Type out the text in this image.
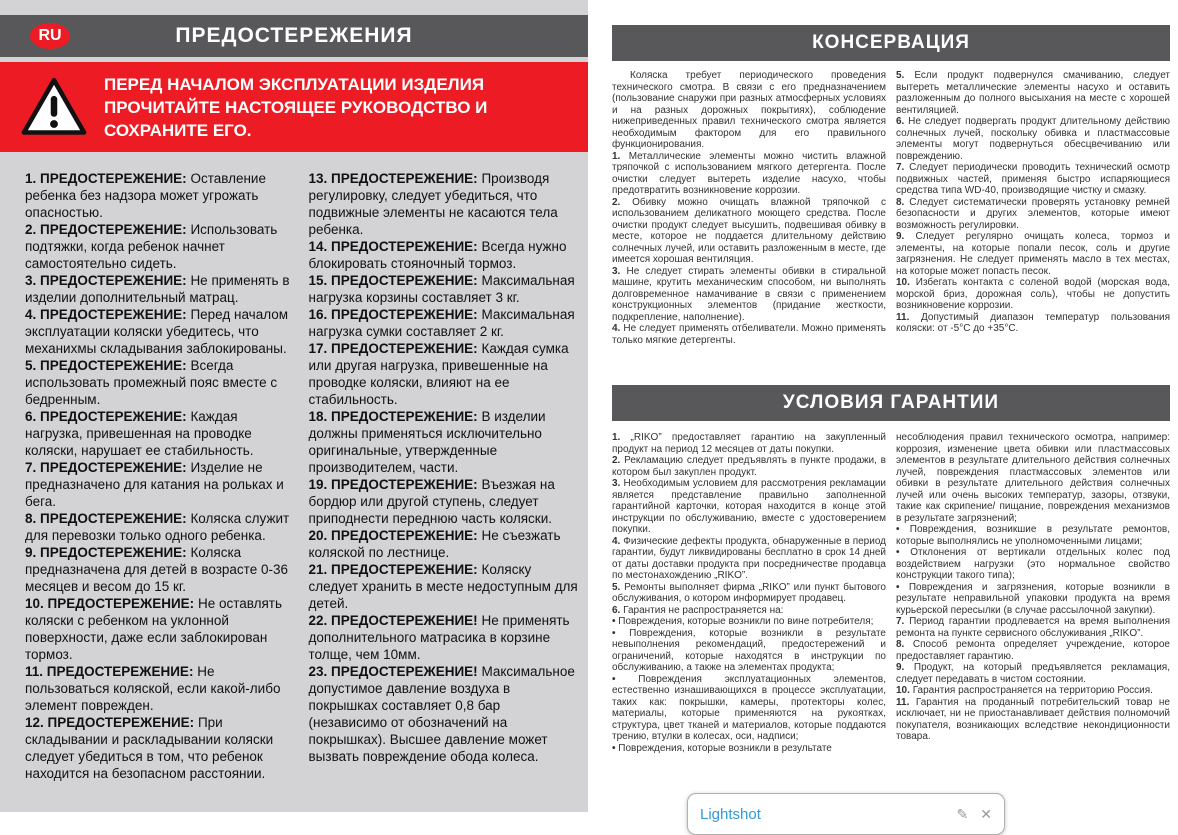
RU	ПРЕДОСТЕРЕЖЕНИЯ
ПЕРЕД НАЧАЛОМ ЭКСПЛУАТАЦИИ ИЗДЕЛИЯ
ПРОЧИТАЙТЕ НАСТОЯЩЕЕ РУКОВОДСТВО И
СОХРАНИТЕ ЕГО.

1. ПРЕДОСТЕРЕЖЕНИЕ: Оставление ребенка без надзора может угрожать опасностью.

2. ПРЕДОСТЕРЕЖЕНИЕ: Использовать подтяжки, когда ребенок начнет самостоятельно сидеть.

3. ПРЕДОСТЕРЕЖЕНИЕ: Не применять в изделии дополнительный матрац.

4. ПРЕДОСТЕРЕЖЕНИЕ: Перед началом эксплуатации коляски убедитесь, что механихмы складывания заблокированы.

5. ПРЕДОСТЕРЕЖЕНИЕ: Всегда использовать промежный пояс вместе с бедренным.

6. ПРЕДОСТЕРЕЖЕНИЕ: Каждая нагрузка, привешенная на проводке коляски, нарушает ее стабильность.

7. ПРЕДОСТЕРЕЖЕНИЕ: Изделие не предназначено для катания на рольках и бега.

8. ПРЕДОСТЕРЕЖЕНИЕ: Коляска служит для перевозки только одного ребенка.

9. ПРЕДОСТЕРЕЖЕНИЕ: Коляска предназначена для детей в возрасте 0-36 месяцев и весом до 15 кг.

10. ПРЕДОСТЕРЕЖЕНИЕ: Не оставлять коляски с ребенком на уклонной поверхности, даже если заблокирован тормоз.

11. ПРЕДОСТЕРЕЖЕНИЕ: Не пользоваться коляской, если какой-либо элемент поврежден.

12. ПРЕДОСТЕРЕЖЕНИЕ: При складывании и раскладывании коляски следует убедиться в том, что ребенок находится на безопасном расстоянии.

13. ПРЕДОСТЕРЕЖЕНИЕ: Производя регулировку, следует убедиться, что подвижные элементы не касаются тела ребенка.

14. ПРЕДОСТЕРЕЖЕНИЕ: Всегда нужно блокировать стояночный тормоз.

15. ПРЕДОСТЕРЕЖЕНИЕ: Максимальная нагрузка корзины составляет 3 кг.

16. ПРЕДОСТЕРЕЖЕНИЕ: Максимальная нагрузка сумки составляет 2 кг.

17. ПРЕДОСТЕРЕЖЕНИЕ: Каждая сумка или другая нагрузка, привешенные на проводке коляски, влияют на ее стабильность.

18. ПРЕДОСТЕРЕЖЕНИЕ: В изделии должны применяться исключительно оригинальные, утвержденные производителем, части.

19. ПРЕДОСТЕРЕЖЕНИЕ: Въезжая на бордюр или другой ступень, следует приподнести переднюю часть коляски.

20. ПРЕДОСТЕРЕЖЕНИЕ: Не съезжать коляской по лестнице.

21. ПРЕДОСТЕРЕЖЕНИЕ: Коляску следует хранить в месте недоступным для детей.

22. ПРЕДОСТЕРЕЖЕНИЕ! Не применять дополнительного матрасика в корзине толще, чем 10мм.

23. ПРЕДОСТЕРЕЖЕНИЕ! Максимальное допустимое давление воздуха в покрышках составляет 0,8 бар (независимо от обозначений на покрышках). Высшее давление может вызвать повреждение обода колеса.

КОНСЕРВАЦИЯ

Коляска требует периодического проведения технического смотра. В связи с его предназначением (пользование снаружи при разных атмосферных условиях и на разных дорожных покрытиях), соблюдение нижеприведенных правил технического смотра является необходимым фактором для его правильного функционирования.

1. Металлические элементы можно чистить влажной тряпочкой с использованием мягкого детергента. После очистки следует вытереть изделие насухо, чтобы предотвратить возникновение коррозии.

2. Обивку можно очищать влажной тряпочкой с использованием деликатного моющего средства. После очистки продукт следует высушить, подвешивая обивку в месте, которое не поддается длительному действию солнечных лучей, или оставить разложенным в месте, где имеется хорошая вентиляция.

3. Не следует стирать элементы обивки в стиральной машине, крутить механическим способом, ни выполнять долговременное намачивание в связи с применением конструкционных элементов (придание жесткости, подкрепление, наполнение).

4. Не следует применять отбеливатели. Можно применять только мягкие детергенты.

5. Если продукт подвернулся смачиванию, следует вытереть металлические элементы насухо и оставить разложенным до полного высыхания на месте с хорошей вентиляцией.

6. Не следует подвергать продукт длительному действию солнечных лучей, поскольку обивка и пластмассовые элементы могут подвернуться обесцвечиванию или повреждению.

7. Следует периодически проводить технический осмотр подвижных частей, применяя быстро испаряющиеся средства типа WD-40, производящие чистку и смазку.

8. Следует систематически проверять установку ремней безопасности и других элементов, которые имеют возможность регулировки.

9. Следует регулярно очищать колеса, тормоз и элементы, на которые попали песок, соль и другие загрязнения. Не следует применять масло в тех местах, на которые может попасть песок.

10. Избегать контакта с соленой водой (морская вода, морской бриз, дорожная соль), чтобы не допустить возникновение коррозии.

11. Допустимый диапазон температур пользования коляски: от -5°С до +35°С.

УСЛОВИЯ ГАРАНТИИ

1. „RIKO” предоставляет гарантию на закупленный продукт на период 12 месяцев от даты покупки.

2. Рекламацию следует предъявлять в пункте продажи, в котором был закуплен продукт.

3. Необходимым условием для рассмотрения рекламации является представление правильно заполненной гарантийной карточки, которая находится в конце этой инструкции по обслуживанию, вместе с удостоверением покупки.

4. Физические дефекты продукта, обнаруженные в период гарантии, будут ликвидированы бесплатно в срок 14 дней от даты доставки продукта при посредничестве продавца по местонахождению „RIKO”.

5. Ремонты выполняет фирма „RIKO” или пункт бытового обслуживания, о котором информирует продавец.

6. Гарантия не распространяется на:

• Повреждения, которые возникли по вине потребителя;

• Повреждения, которые возникли в результате невыполнения рекомендаций, предостережений и ограничений, которые находятся в инструкции по обслуживанию, а также на элементах продукта;

• Повреждения эксплуатационных элементов, естественно изнашивающихся в процессе эксплуатации, таких как: покрышки, камеры, протекторы колес, материалы, которые применяются на рукоятках, структура, цвет тканей и материалов, которые поддаются трению, втулки в колесах, оси, надписи;

• Повреждения, которые возникли в результате

несоблюдения правил технического осмотра, например: коррозия, изменение цвета обивки или пластмассовых элементов в результате длительного действия солнечных лучей, повреждения пластмассовых элементов или обивки в результате длительного действия солнечных лучей или очень высоких температур, зазоры, отзвуки, такие как скрипение/ пищание, повреждения механизмов в результате загрязнений;

• Повреждения, возникшие в результате ремонтов, которые выполнялись не уполномоченными лицами;

• Отклонения от вертикали отдельных колес под воздействием нагрузки (это нормальное свойство конструкции такого типа);

• Повреждения и загрязнения, которые возникли в результате неправильной упаковки продукта на время курьерской пересылки (в случае рассылочной закупки).

7. Период гарантии продлевается на время выполнения ремонта на пункте сервисного обслуживания „RIKO”.

8. Способ ремонта определяет учреждение, которое предоставляет гарантию.

9. Продукт, на который предъявляется рекламация, следует передавать в чистом состоянии.

10. Гарантия распространяется на территорию Россия.

11. Гарантия на проданный потребительский товар не исключает, ни не приостанавливает действия полномочий покупателя, возникающих вследствие некондиционности товара.

Lightshot	✎ ✕
